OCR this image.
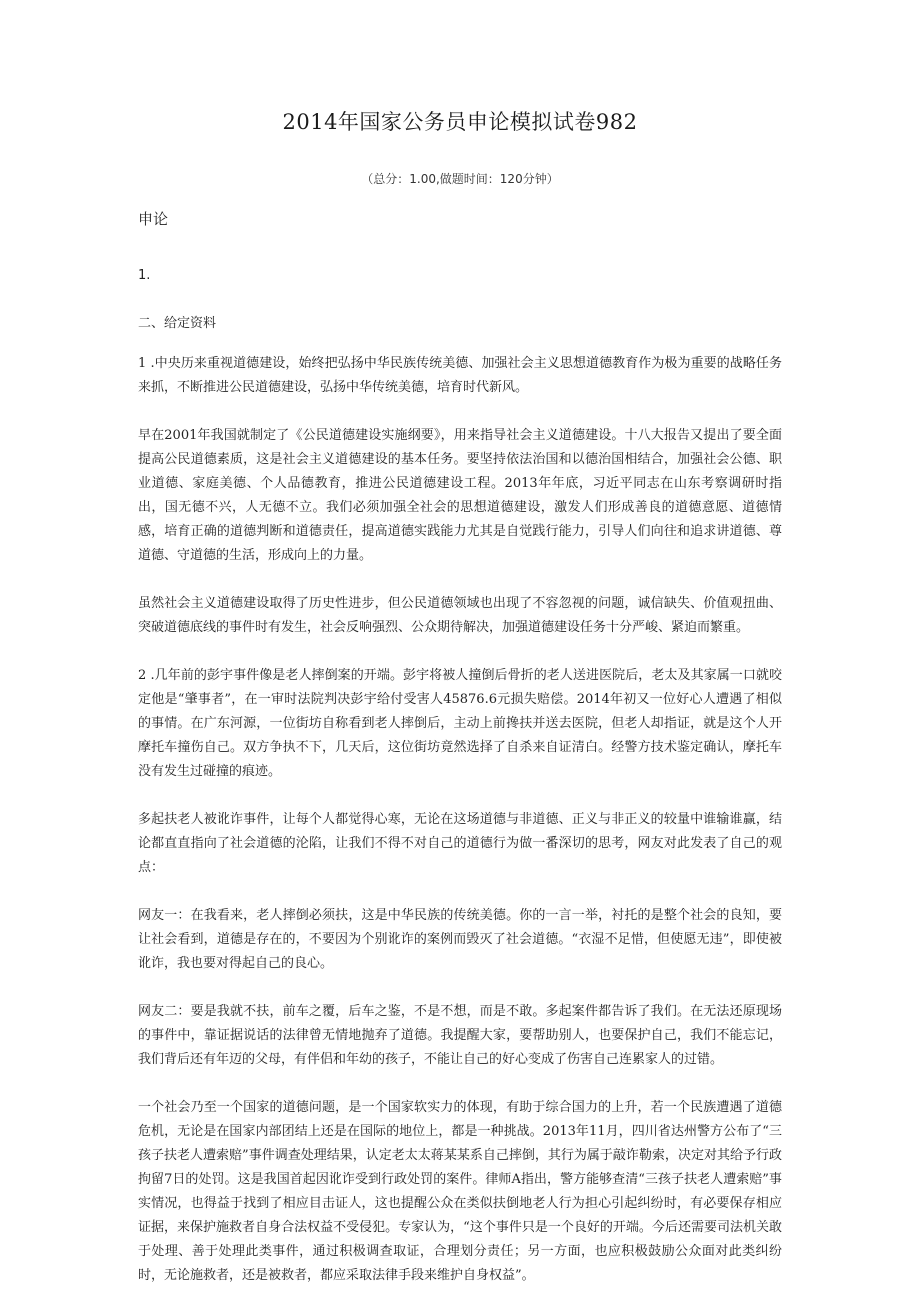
2014年国家公务员申论模拟试卷982
（总分：1.00,做题时间：120分钟）
申论

1.

二、给定资料

1 .中央历来重视道德建设，始终把弘扬中华民族传统美德、加强社会主义思想道德教育作为极为重要的战略任务来抓，不断推进公民道德建设，弘扬中华传统美德，培育时代新风。

早在2001年我国就制定了《公民道德建设实施纲要》，用来指导社会主义道德建设。十八大报告又提出了要全面提高公民道德素质，这是社会主义道德建设的基本任务。要坚持依法治国和以德治国相结合，加强社会公德、职业道德、家庭美德、个人品德教育，推进公民道德建设工程。2013年年底，习近平同志在山东考察调研时指出，国无德不兴，人无德不立。我们必须加强全社会的思想道德建设，激发人们形成善良的道德意愿、道德情感，培育正确的道德判断和道德责任，提高道德实践能力尤其是自觉践行能力，引导人们向往和追求讲道德、尊道德、守道德的生活，形成向上的力量。

虽然社会主义道德建设取得了历史性进步，但公民道德领域也出现了不容忽视的问题，诚信缺失、价值观扭曲、突破道德底线的事件时有发生，社会反响强烈、公众期待解决，加强道德建设任务十分严峻、紧迫而繁重。

2 .几年前的彭宇事件像是老人摔倒案的开端。彭宇将被人撞倒后骨折的老人送进医院后，老太及其家属一口就咬定他是“肇事者”，在一审时法院判决彭宇给付受害人45876.6元损失赔偿。2014年初又一位好心人遭遇了相似的事情。在广东河源，一位街坊自称看到老人摔倒后，主动上前搀扶并送去医院，但老人却指证，就是这个人开摩托车撞伤自己。双方争执不下，几天后，这位街坊竟然选择了自杀来自证清白。经警方技术鉴定确认，摩托车没有发生过碰撞的痕迹。

多起扶老人被讹诈事件，让每个人都觉得心寒，无论在这场道德与非道德、正义与非正义的较量中谁输谁赢，结论都直直指向了社会道德的沦陷，让我们不得不对自己的道德行为做一番深切的思考，网友对此发表了自己的观点：

网友一：在我看来，老人摔倒必须扶，这是中华民族的传统美德。你的一言一举，衬托的是整个社会的良知，要让社会看到，道德是存在的，不要因为个别讹诈的案例而毁灭了社会道德。“衣湿不足惜，但使愿无违”，即使被讹诈，我也要对得起自己的良心。

网友二：要是我就不扶，前车之覆，后车之鉴，不是不想，而是不敢。多起案件都告诉了我们。在无法还原现场的事件中，靠证据说话的法律曾无情地抛弃了道德。我提醒大家，要帮助别人，也要保护自己，我们不能忘记，我们背后还有年迈的父母，有伴侣和年幼的孩子，不能让自己的好心变成了伤害自己连累家人的过错。

一个社会乃至一个国家的道德问题，是一个国家软实力的体现，有助于综合国力的上升，若一个民族遭遇了道德危机，无论是在国家内部团结上还是在国际的地位上，都是一种挑战。2013年11月，四川省达州警方公布了“三孩子扶老人遭索赔”事件调查处理结果，认定老太太蒋某某系自己摔倒，其行为属于敲诈勒索，决定对其给予行政拘留7日的处罚。这是我国首起因讹诈受到行政处罚的案件。律师A指出，警方能够查清“三孩子扶老人遭索赔”事实情况，也得益于找到了相应目击证人，这也提醒公众在类似扶倒地老人行为担心引起纠纷时，有必要保存相应证据，来保护施救者自身合法权益不受侵犯。专家认为，“这个事件只是一个良好的开端。今后还需要司法机关敢于处理、善于处理此类事件，通过积极调查取证，合理划分责任；另一方面，也应积极鼓励公众面对此类纠纷时，无论施救者，还是被救者，都应采取法律手段来维护自身权益”。
